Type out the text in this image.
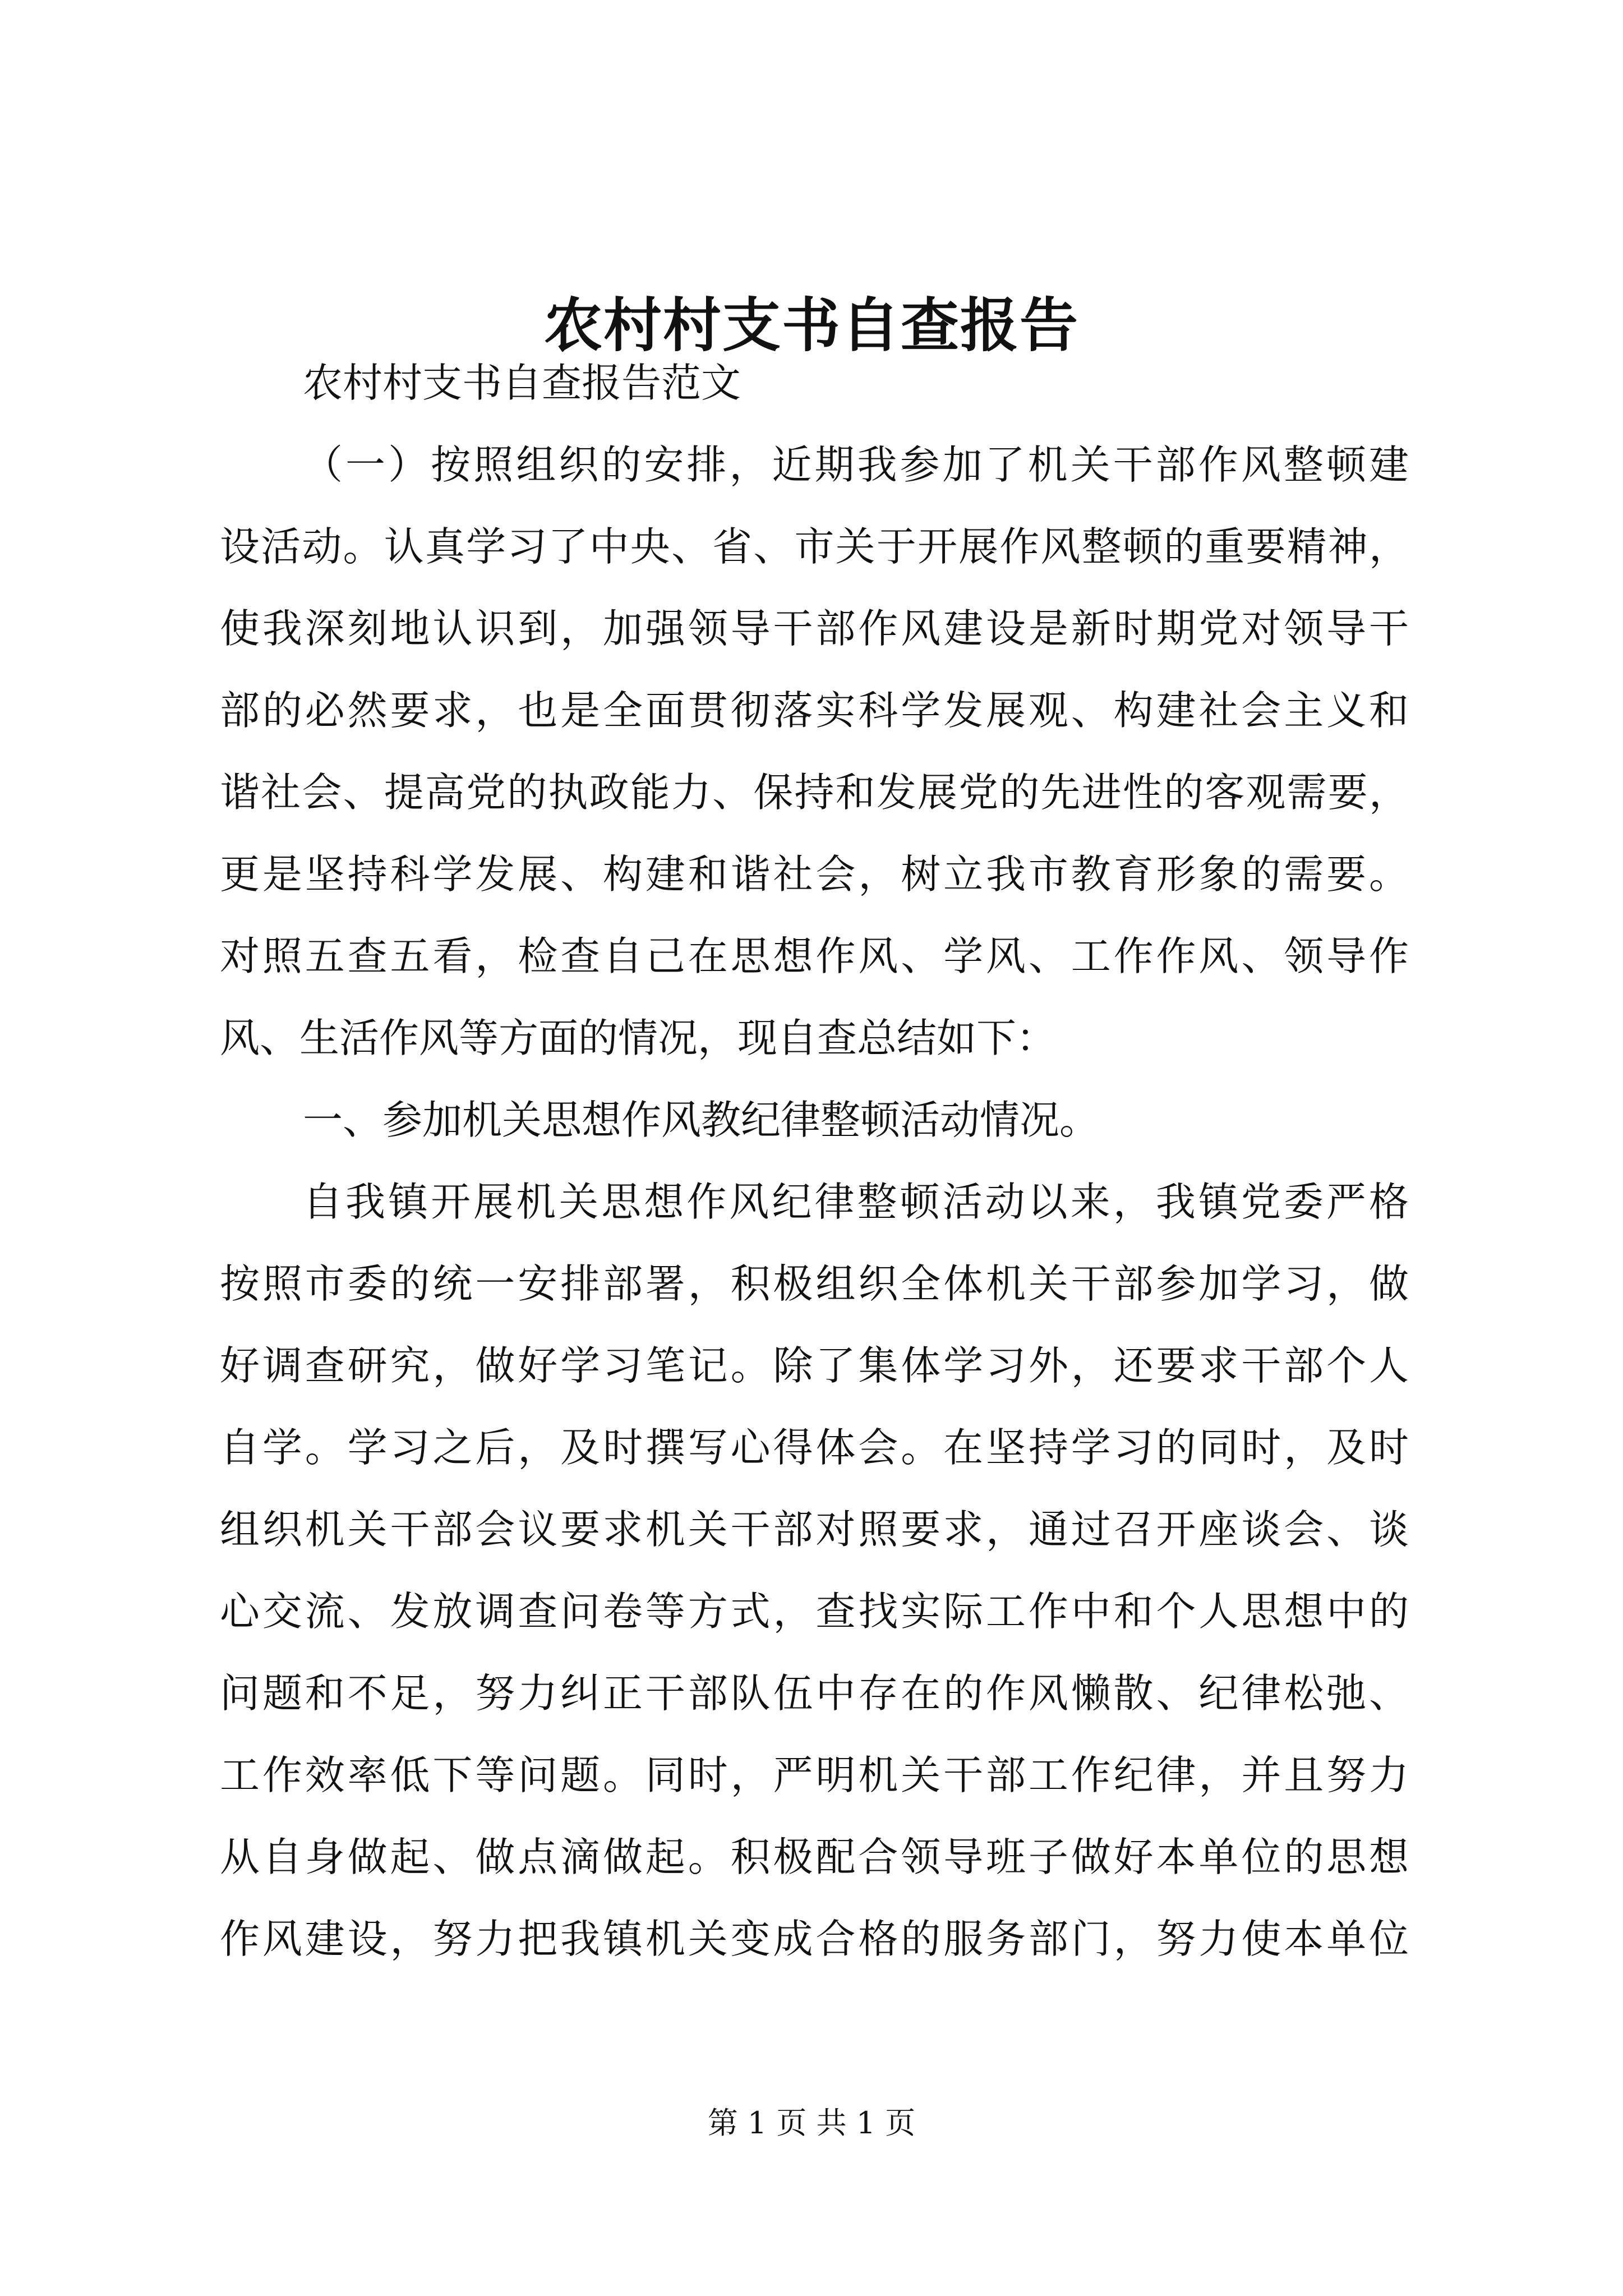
农村村支书自查报告
农村村支书自查报告范文
（一）按照组织的安排，近期我参加了机关干部作风整顿建
设活动。认真学习了中央、省、市关于开展作风整顿的重要精神，
使我深刻地认识到，加强领导干部作风建设是新时期党对领导干
部的必然要求，也是全面贯彻落实科学发展观、构建社会主义和
谐社会、提高党的执政能力、保持和发展党的先进性的客观需要，
更是坚持科学发展、构建和谐社会，树立我市教育形象的需要。
对照五查五看，检查自己在思想作风、学风、工作作风、领导作
风、生活作风等方面的情况，现自查总结如下：
一、参加机关思想作风教纪律整顿活动情况。
自我镇开展机关思想作风纪律整顿活动以来，我镇党委严格
按照市委的统一安排部署，积极组织全体机关干部参加学习，做
好调查研究，做好学习笔记。除了集体学习外，还要求干部个人
自学。学习之后，及时撰写心得体会。在坚持学习的同时，及时
组织机关干部会议要求机关干部对照要求，通过召开座谈会、谈
心交流、发放调查问卷等方式，查找实际工作中和个人思想中的
问题和不足，努力纠正干部队伍中存在的作风懒散、纪律松弛、
工作效率低下等问题。同时，严明机关干部工作纪律，并且努力
从自身做起、做点滴做起。积极配合领导班子做好本单位的思想
作风建设，努力把我镇机关变成合格的服务部门，努力使本单位
第 1 页 共 1 页
